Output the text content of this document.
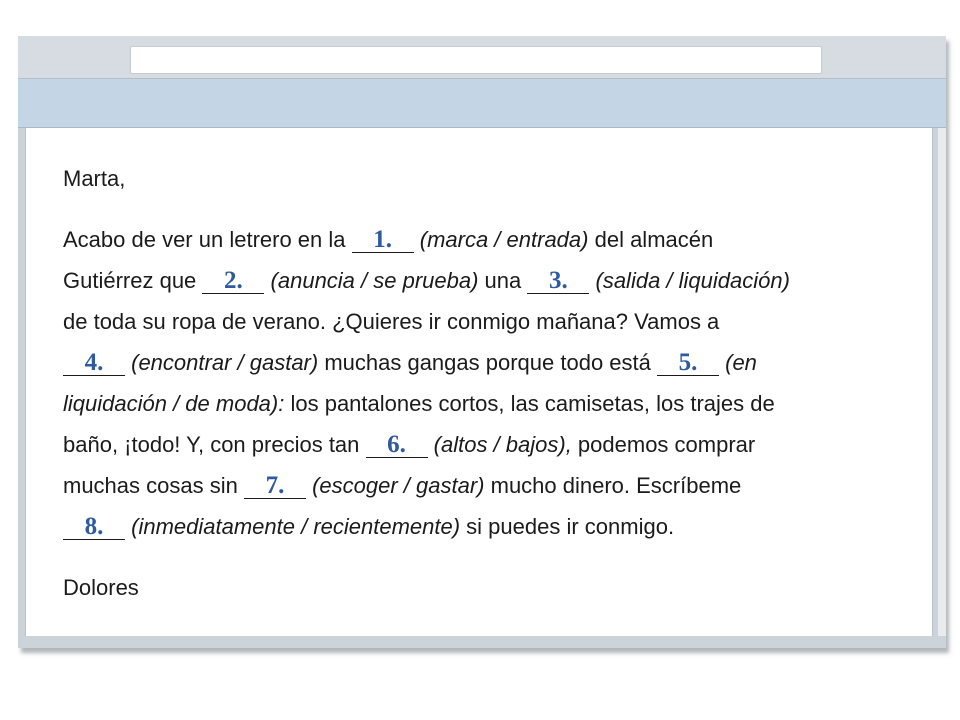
Marta,
Acabo de ver un letrero en la 1. (marca / entrada) del almacén
Gutiérrez que 2. (anuncia / se prueba) una 3. (salida / liquidación)
de toda su ropa de verano. ¿Quieres ir conmigo mañana? Vamos a
4. (encontrar / gastar) muchas gangas porque todo está 5. (en
liquidación / de moda): los pantalones cortos, las camisetas, los trajes de
baño, ¡todo! Y, con precios tan 6. (altos / bajos), podemos comprar
muchas cosas sin 7. (escoger / gastar) mucho dinero. Escríbeme
8. (inmediatamente / recientemente) si puedes ir conmigo.
Dolores
